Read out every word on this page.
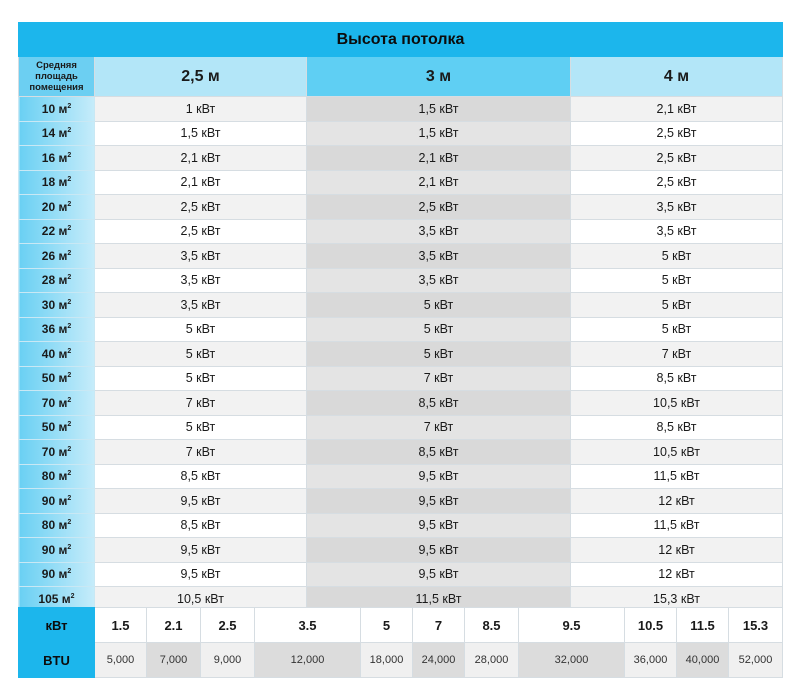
Высота потолка			

Средняя
площадь
помещения	2,5 м	3 м	4 м
10 $м^2$	1 кВт	1,5 кВт	2,1 кВт
14 $м^2$	1,5 кВт	1,5 кВт	2,5 кВт
16 $м^2$	2,1 кВт	2,1 кВт	2,5 кВт
18 $м^2$	2,1 кВт	2,1 кВт	2,5 кВт
20 $м^2$	2,5 кВт	2,5 кВт	3,5 кВт
22 $м^2$	2,5 кВт	3,5 кВт	3,5 кВт
26 $м^2$	3,5 кВт	3,5 кВт	5 кВт
28 $м^2$	3,5 кВт	3,5 кВт	5 кВт
30 $м^2$	3,5 кВт	5 кВт	5 кВт
36 $м^2$	5 кВт	5 кВт	5 кВт
40 $м^2$	5 кВт	5 кВт	7 кВт
50 $м^2$	5 кВт	7 кВт	8,5 кВт
70 $м^2$	7 кВт	8,5 кВт	10,5 кВт
50 $м^2$	5 кВт	7 кВт	8,5 кВт
70 $м^2$	7 кВт	8,5 кВт	10,5 кВт
80 $м^2$	8,5 кВт	9,5 кВт	11,5 кВт
90 $м^2$	9,5 кВт	9,5 кВт	12 кВт
80 $м^2$	8,5 кВт	9,5 кВт	11,5 кВт
90 $м^2$	9,5 кВт	9,5 кВт	12 кВт
90 $м^2$	9,5 кВт	9,5 кВт	12 кВт
105 $м^2$	10,5 кВт	11,5 кВт	15,3 кВт
кВт	1.5	2.1	2.5	3.5	5	7	8.5	9.5	10.5	11.5	15.3
BTU	5,000	7,000	9,000	12,000	18,000	24,000	28,000	32,000	36,000	40,000	52,000
